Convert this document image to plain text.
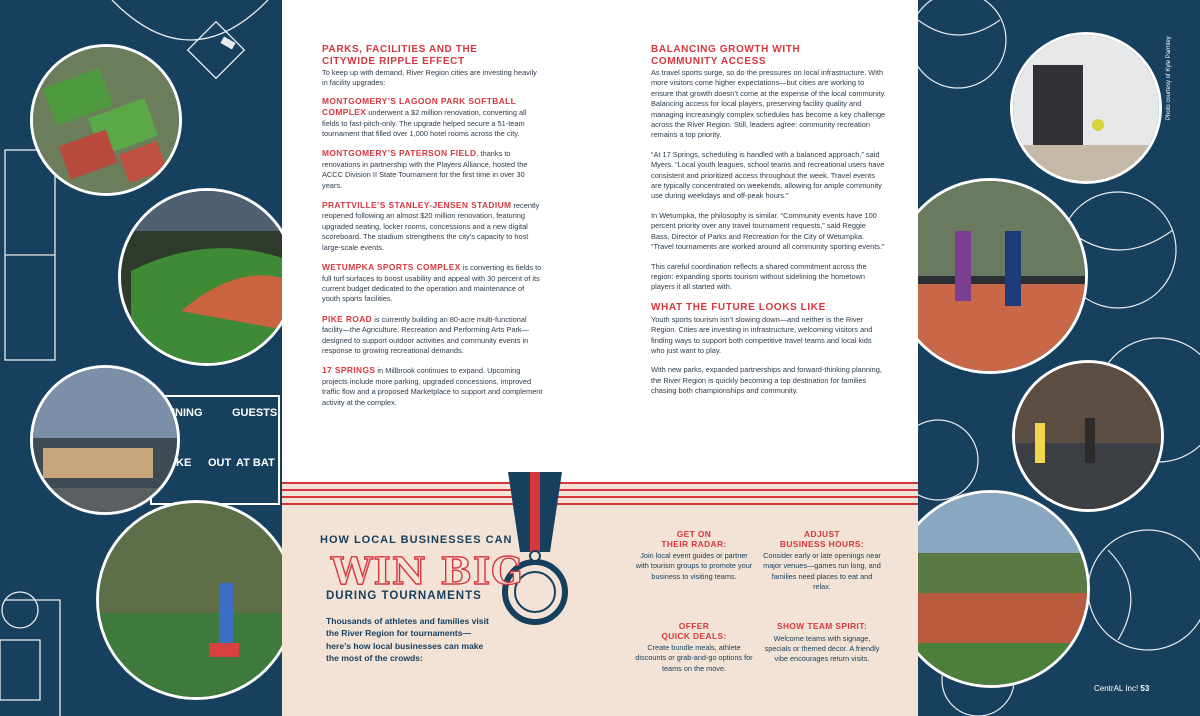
INING	GUESTS
KE OUT AT BAT
Photo courtesy of Kyle Parmley
PARKS, FACILITIES AND THE
CITYWIDE RIPPLE EFFECT

To keep up with demand, River Region cities are investing heavily in facility upgrades:

MONTGOMERY’S LAGOON PARK SOFTBALL COMPLEX underwent a $2 million renovation, converting all fields to fast-pitch-only. The upgrade helped secure a 51-team tournament that filled over 1,000 hotel rooms across the city.

MONTGOMERY’S PATERSON FIELD, thanks to renovations in partnership with the Players Alliance, hosted the ACCC Division II State Tournament for the first time in over 30 years.

PRATTVILLE’S STANLEY-JENSEN STADIUM recently reopened following an almost $20 million renovation, featuring upgraded seating, locker rooms, concessions and a new digital scoreboard. The stadium strengthens the city’s capacity to host large-scale events.

WETUMPKA SPORTS COMPLEX is converting its fields to full turf surfaces to boost usability and appeal with 30 percent of its current budget dedicated to the operation and maintenance of youth sports facilities.

PIKE ROAD is currently building an 80-acre multi-functional facility—the Agriculture, Recreation and Performing Arts Park—designed to support outdoor activities and community events in response to growing recreational demands.

17 SPRINGS in Millbrook continues to expand. Upcoming projects include more parking, upgraded concessions, improved traffic flow and a proposed Marketplace to support and complement activity at the complex.

BALANCING GROWTH WITH
COMMUNITY ACCESS

As travel sports surge, so do the pressures on local infrastructure. With more visitors come higher expectations—but cities are working to ensure that growth doesn’t come at the expense of the local community. Balancing access for local players, preserving facility quality and managing increasingly complex schedules has become a key challenge across the River Region. Still, leaders agree: community recreation remains a top priority.

“At 17 Springs, scheduling is handled with a balanced approach,” said Myers. “Local youth leagues, school teams and recreational users have consistent and prioritized access throughout the week. Travel events are typically concentrated on weekends, allowing for ample community use during weekdays and off-peak hours.”

In Wetumpka, the philosophy is similar. “Community events have 100 percent priority over any travel tournament requests,” said Reggie Bass, Director of Parks and Recreation for the City of Wetumpka. “Travel tournaments are worked around all community sporting events.”

This careful coordination reflects a shared commitment across the region: expanding sports tourism without sidelining the hometown players it all started with.

WHAT THE FUTURE LOOKS LIKE

Youth sports tourism isn’t slowing down—and neither is the River Region. Cities are investing in infrastructure, welcoming visitors and finding ways to support both competitive travel teams and local kids who just want to play.

With new parks, expanded partnerships and forward-thinking planning, the River Region is quickly becoming a top destination for families chasing both championships and community.

HOW LOCAL BUSINESSES CAN
WIN BIG
DURING TOURNAMENTS
Thousands of athletes and families visit the River Region for tournaments—here’s how local businesses can make the most of the crowds:
GET ON
THEIR RADAR:
Join local event guides or partner with tourism groups to promote your business to visiting teams.
ADJUST
BUSINESS HOURS:
Consider early or late openings near major venues—games run long, and families need places to eat and relax.
OFFER
QUICK DEALS:
Create bundle meals, athlete discounts or grab-and-go options for teams on the move.
SHOW TEAM SPIRIT:
Welcome teams with signage, specials or themed decor. A friendly vibe encourages return visits.
CentrAL Inc! 53
